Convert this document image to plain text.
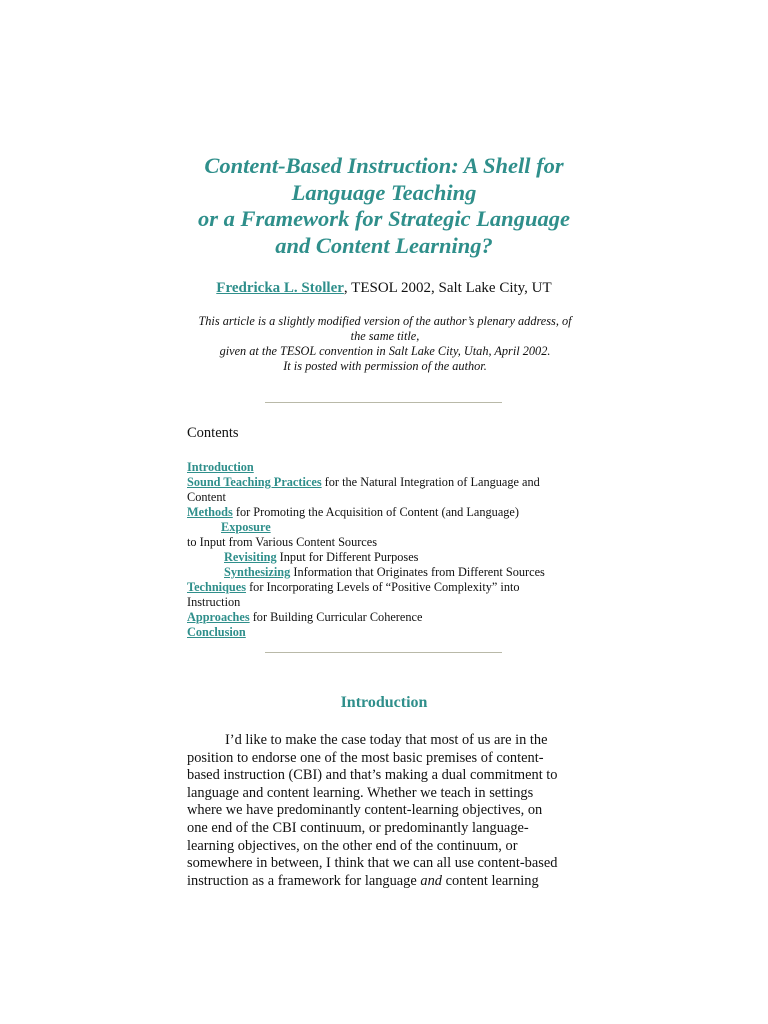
Content-Based Instruction: A Shell for
Language Teaching
or a Framework for Strategic Language
and Content Learning?
Fredricka L. Stoller, TESOL 2002, Salt Lake City, UT
This article is a slightly modified version of the author’s plenary address, of
the same title,
given at the TESOL convention in Salt Lake City, Utah, April 2002.
It is posted with permission of the author.
Contents
Introduction
Sound Teaching Practices for the Natural Integration of Language and
Content
Methods for Promoting the Acquisition of Content (and Language)
Exposure
to Input from Various Content Sources
Revisiting Input for Different Purposes
Synthesizing Information that Originates from Different Sources
Techniques for Incorporating Levels of “Positive Complexity” into
Instruction
Approaches for Building Curricular Coherence
Conclusion
Introduction
I’d like to make the case today that most of us are in the
position to endorse one of the most basic premises of content-
based instruction (CBI) and that’s making a dual commitment to
language and content learning. Whether we teach in settings
where we have predominantly content-learning objectives, on
one end of the CBI continuum, or predominantly language-
learning objectives, on the other end of the continuum, or
somewhere in between, I think that we can all use content-based
instruction as a framework for language and content learning
